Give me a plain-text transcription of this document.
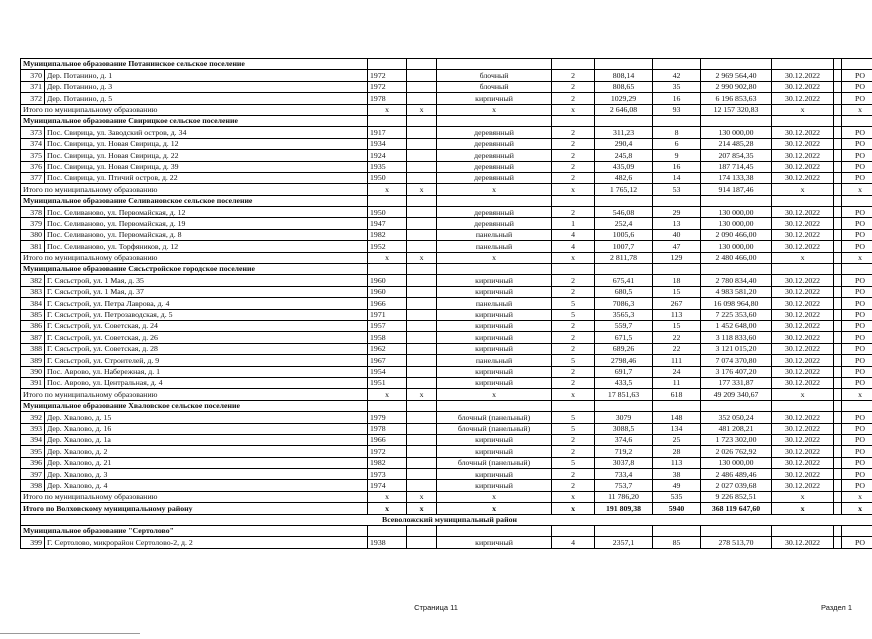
Муниципальное образование Потанинское сельское поселение											
370	Дер. Потанино, д. 1	1972		блочный	2	808,14	42	2 969 564,40	30.12.2022		РО
371	Дер. Потанино, д. 3	1972		блочный	2	808,65	35	2 990 902,80	30.12.2022		РО
372	Дер. Потанино, д. 5	1978		кирпичный	2	1029,29	16	6 196 853,63	30.12.2022		РО
Итого по муниципальному образованию		х	х	х	х	2 646,08	93	12 157 320,83	х		х
Муниципальное образование Свирицкое сельское поселение											
373	Пос. Свирица, ул. Заводский остров, д. 34	1917		деревянный	2	311,23	8	130 000,00	30.12.2022		РО
374	Пос. Свирица, ул. Новая Свирица, д. 12	1934		деревянный	2	290,4	6	214 485,28	30.12.2022		РО
375	Пос. Свирица, ул. Новая Свирица, д. 22	1924		деревянный	2	245,8	9	207 854,35	30.12.2022		РО
376	Пос. Свирица, ул. Новая Свирица, д. 39	1935		деревянный	2	435,09	16	187 714,45	30.12.2022		РО
377	Пос. Свирица, ул. Птичий остров, д. 22	1950		деревянный	2	482,6	14	174 133,38	30.12.2022		РО
Итого по муниципальному образованию		х	х	х	х	1 765,12	53	914 187,46	х		х
Муниципальное образование Селивановское сельское поселение											
378	Пос. Селиваново, ул. Первомайская, д. 12	1950		деревянный	2	546,08	29	130 000,00	30.12.2022		РО
379	Пос. Селиваново, ул. Первомайская, д. 19	1947		деревянный	1	252,4	13	130 000,00	30.12.2022		РО
380	Пос. Селиваново, ул. Первомайская, д. 8	1982		панельный	4	1005,6	40	2 090 466,00	30.12.2022		РО
381	Пос. Селиваново, ул. Торфяников, д. 12	1952		панельный	4	1007,7	47	130 000,00	30.12.2022		РО
Итого по муниципальному образованию		х	х	х	х	2 811,78	129	2 480 466,00	х		х
Муниципальное образование Сясьстройское городское поселение											
382	Г. Сясьстрой, ул. 1 Мая, д. 35	1960		кирпичный	2	675,41	18	2 780 834,40	30.12.2022		РО
383	Г. Сясьстрой, ул. 1 Мая, д. 37	1960		кирпичный	2	680,5	15	4 983 581,20	30.12.2022		РО
384	Г. Сясьстрой, ул. Петра Лаврова, д. 4	1966		панельный	5	7086,3	267	16 098 964,80	30.12.2022		РО
385	Г. Сясьстрой, ул. Петрозаводская, д. 5	1971		кирпичный	5	3565,3	113	7 225 353,60	30.12.2022		РО
386	Г. Сясьстрой, ул. Советская, д. 24	1957		кирпичный	2	559,7	15	1 452 648,00	30.12.2022		РО
387	Г. Сясьстрой, ул. Советская, д. 26	1958		кирпичный	2	671,5	22	3 118 833,60	30.12.2022		РО
388	Г. Сясьстрой, ул. Советская, д. 28	1962		кирпичный	2	689,26	22	3 121 015,20	30.12.2022		РО
389	Г. Сясьстрой, ул. Строителей, д. 9	1967		панельный	5	2798,46	111	7 074 370,80	30.12.2022		РО
390	Пос. Аврово, ул. Набережная, д. 1	1954		кирпичный	2	691,7	24	3 176 407,20	30.12.2022		РО
391	Пос. Аврово, ул. Центральная, д. 4	1951		кирпичный	2	433,5	11	177 331,87	30.12.2022		РО
Итого по муниципальному образованию		х	х	х	х	17 851,63	618	49 209 340,67	х		х
Муниципальное образование Хваловское сельское поселение											
392	Дер. Хвалово, д. 15	1979		блочный (панельный)	5	3079	148	352 050,24	30.12.2022		РО
393	Дер. Хвалово, д. 16	1978		блочный (панельный)	5	3088,5	134	481 208,21	30.12.2022		РО
394	Дер. Хвалово, д. 1а	1966		кирпичный	2	374,6	25	1 723 302,00	30.12.2022		РО
395	Дер. Хвалово, д. 2	1972		кирпичный	2	719,2	28	2 026 762,92	30.12.2022		РО
396	Дер. Хвалово, д. 21	1982		блочный (панельный)	5	3037,8	113	130 000,00	30.12.2022		РО
397	Дер. Хвалово, д. 3	1973		кирпичный	2	733,4	38	2 486 489,46	30.12.2022		РО
398	Дер. Хвалово, д. 4	1974		кирпичный	2	753,7	49	2 027 039,68	30.12.2022		РО
Итого по муниципальному образованию		х	х	х	х	11 786,20	535	9 226 852,51	х		х
Итого по Волховскому муниципальному району		х	х	х	х	191 809,38	5940	368 119 647,60	х		х
Всеволожский муниципальный район											
Муниципальное образование "Сертолово"											
399	Г. Сертолово, микрорайон Сертолово-2, д. 2	1938		кирпичный	4	2357,1	85	278 513,70	30.12.2022		РО
Страница 11	Раздел 1
